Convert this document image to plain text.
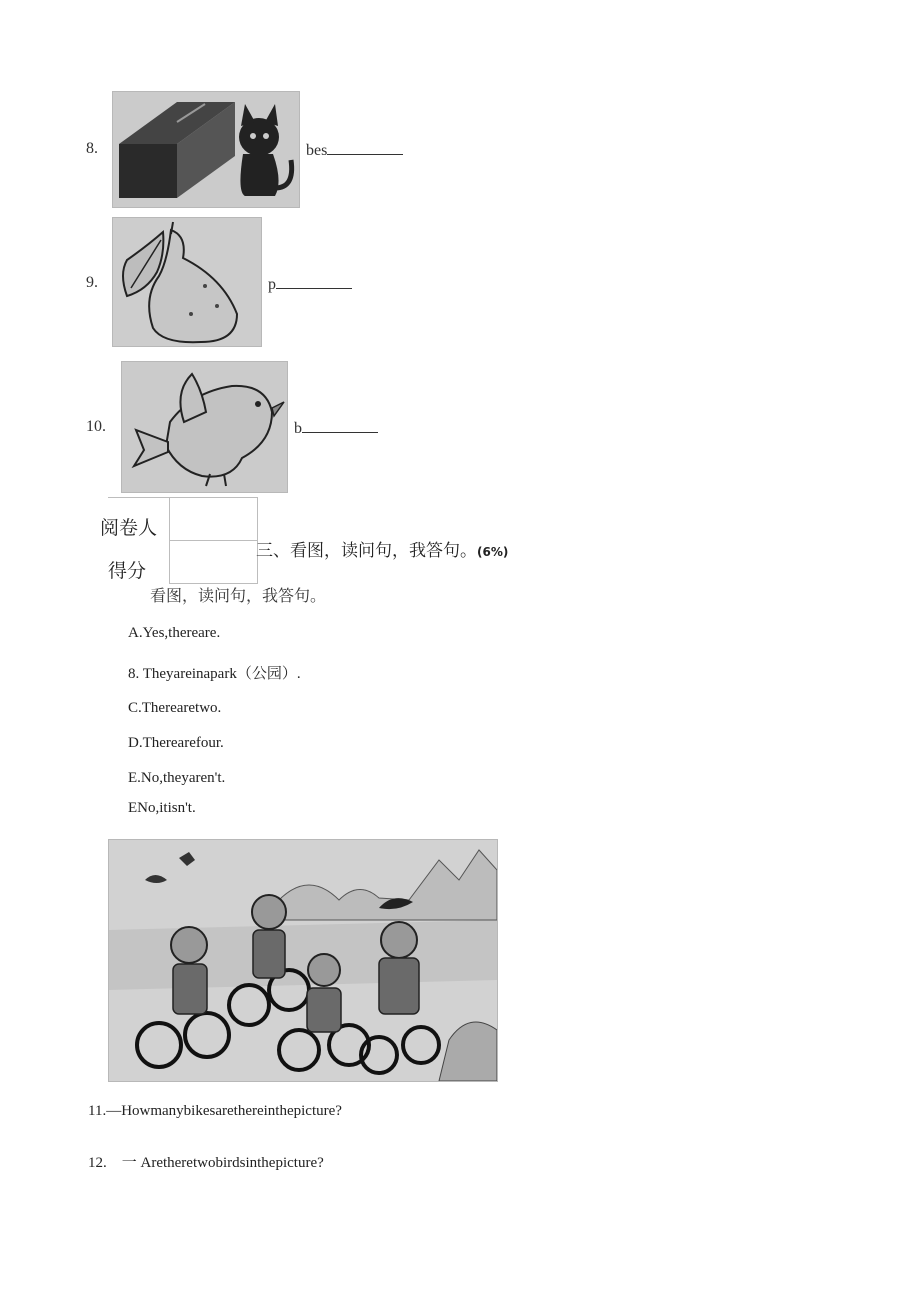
8.	bes
9.	p
10.	b
阅卷人
得分
三、看图，读问句，我答句。(6%)
看图，读问句，我答句。
A.Yes,thereare.
8. Theyareinapark（公园）.
C.Therearetwo.
D.Therearefour.
E.No,theyaren't.
ENo,itisn't.
11.—Howmanybikesarethereinthepicture?
12.    一 Aretheretwobirdsinthepicture?
